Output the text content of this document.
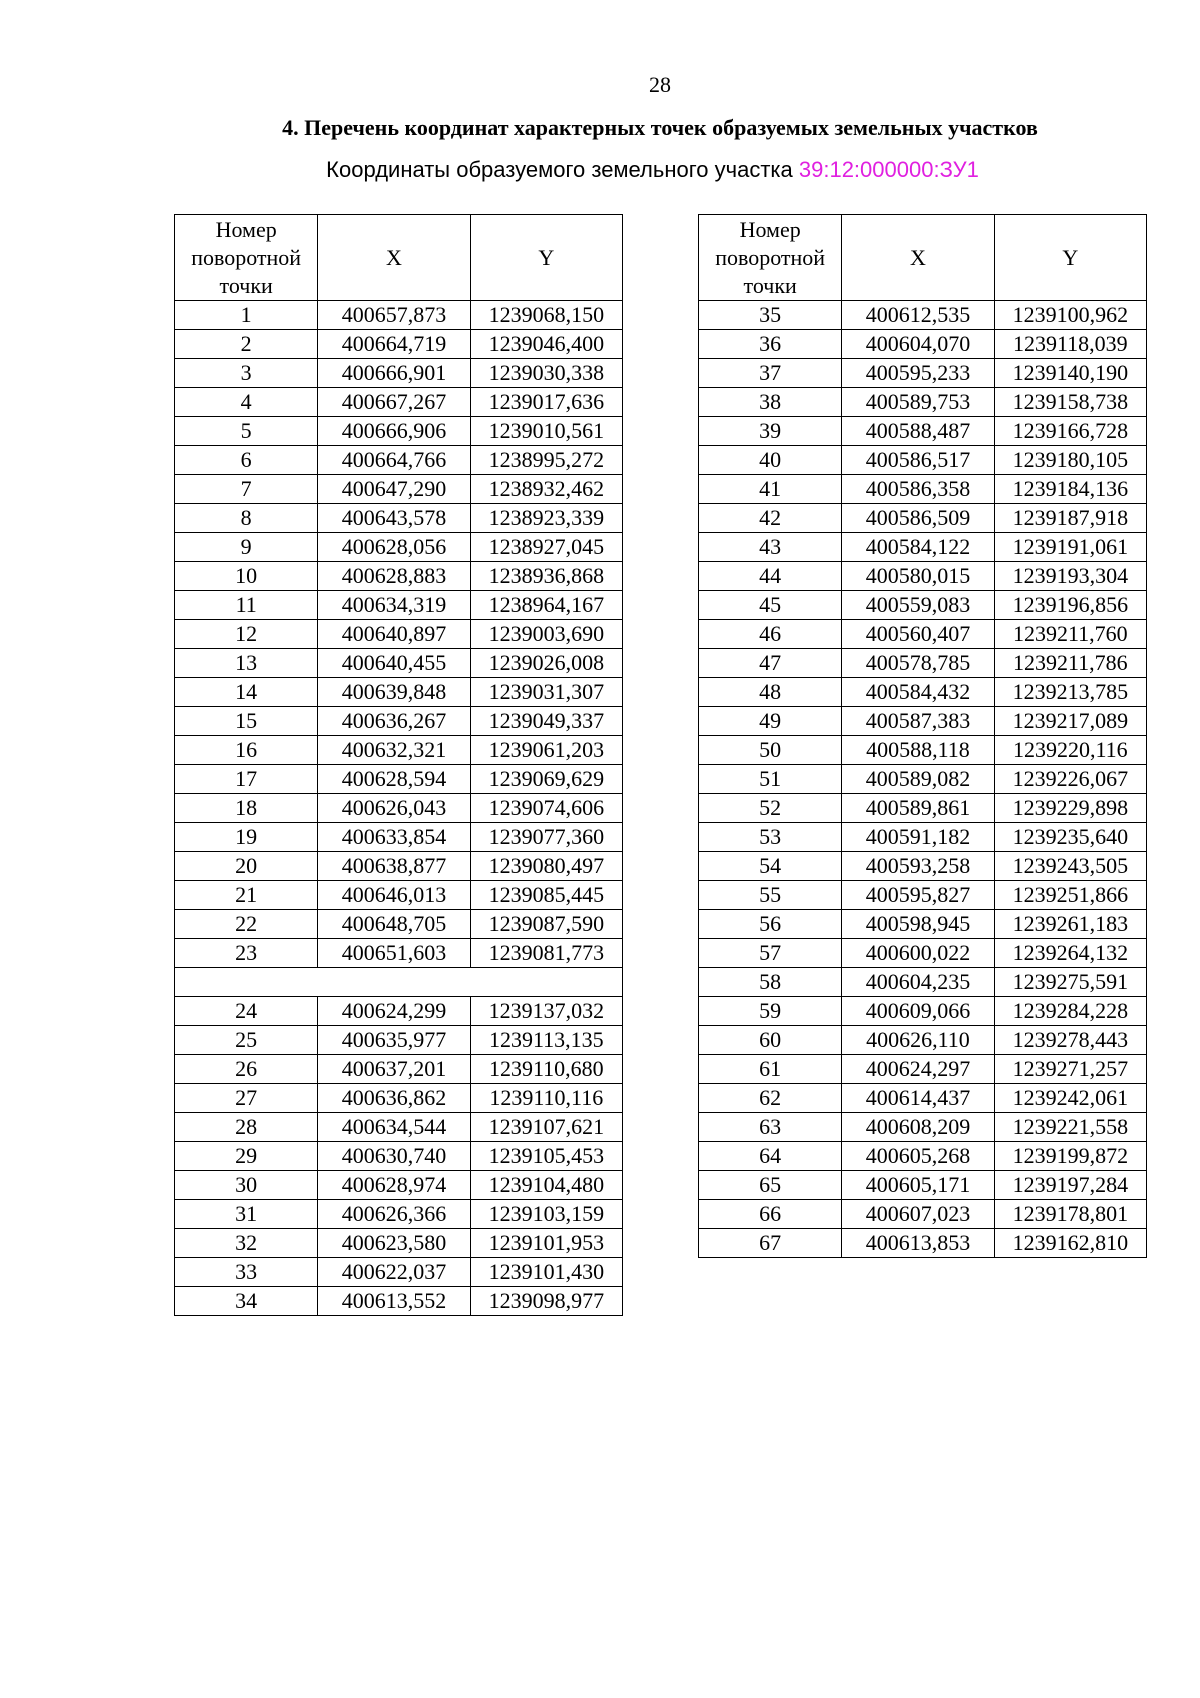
28
4. Перечень координат характерных точек образуемых земельных участков
Координаты образуемого земельного участка 39:12:000000:ЗУ1
Номер поворотной точки	X	Y
1	400657,873	1239068,150
2	400664,719	1239046,400
3	400666,901	1239030,338
4	400667,267	1239017,636
5	400666,906	1239010,561
6	400664,766	1238995,272
7	400647,290	1238932,462
8	400643,578	1238923,339
9	400628,056	1238927,045
10	400628,883	1238936,868
11	400634,319	1238964,167
12	400640,897	1239003,690
13	400640,455	1239026,008
14	400639,848	1239031,307
15	400636,267	1239049,337
16	400632,321	1239061,203
17	400628,594	1239069,629
18	400626,043	1239074,606
19	400633,854	1239077,360
20	400638,877	1239080,497
21	400646,013	1239085,445
22	400648,705	1239087,590
23	400651,603	1239081,773

24	400624,299	1239137,032
25	400635,977	1239113,135
26	400637,201	1239110,680
27	400636,862	1239110,116
28	400634,544	1239107,621
29	400630,740	1239105,453
30	400628,974	1239104,480
31	400626,366	1239103,159
32	400623,580	1239101,953
33	400622,037	1239101,430
34	400613,552	1239098,977
Номер поворотной точки	X	Y
35	400612,535	1239100,962
36	400604,070	1239118,039
37	400595,233	1239140,190
38	400589,753	1239158,738
39	400588,487	1239166,728
40	400586,517	1239180,105
41	400586,358	1239184,136
42	400586,509	1239187,918
43	400584,122	1239191,061
44	400580,015	1239193,304
45	400559,083	1239196,856
46	400560,407	1239211,760
47	400578,785	1239211,786
48	400584,432	1239213,785
49	400587,383	1239217,089
50	400588,118	1239220,116
51	400589,082	1239226,067
52	400589,861	1239229,898
53	400591,182	1239235,640
54	400593,258	1239243,505
55	400595,827	1239251,866
56	400598,945	1239261,183
57	400600,022	1239264,132
58	400604,235	1239275,591
59	400609,066	1239284,228
60	400626,110	1239278,443
61	400624,297	1239271,257
62	400614,437	1239242,061
63	400608,209	1239221,558
64	400605,268	1239199,872
65	400605,171	1239197,284
66	400607,023	1239178,801
67	400613,853	1239162,810
